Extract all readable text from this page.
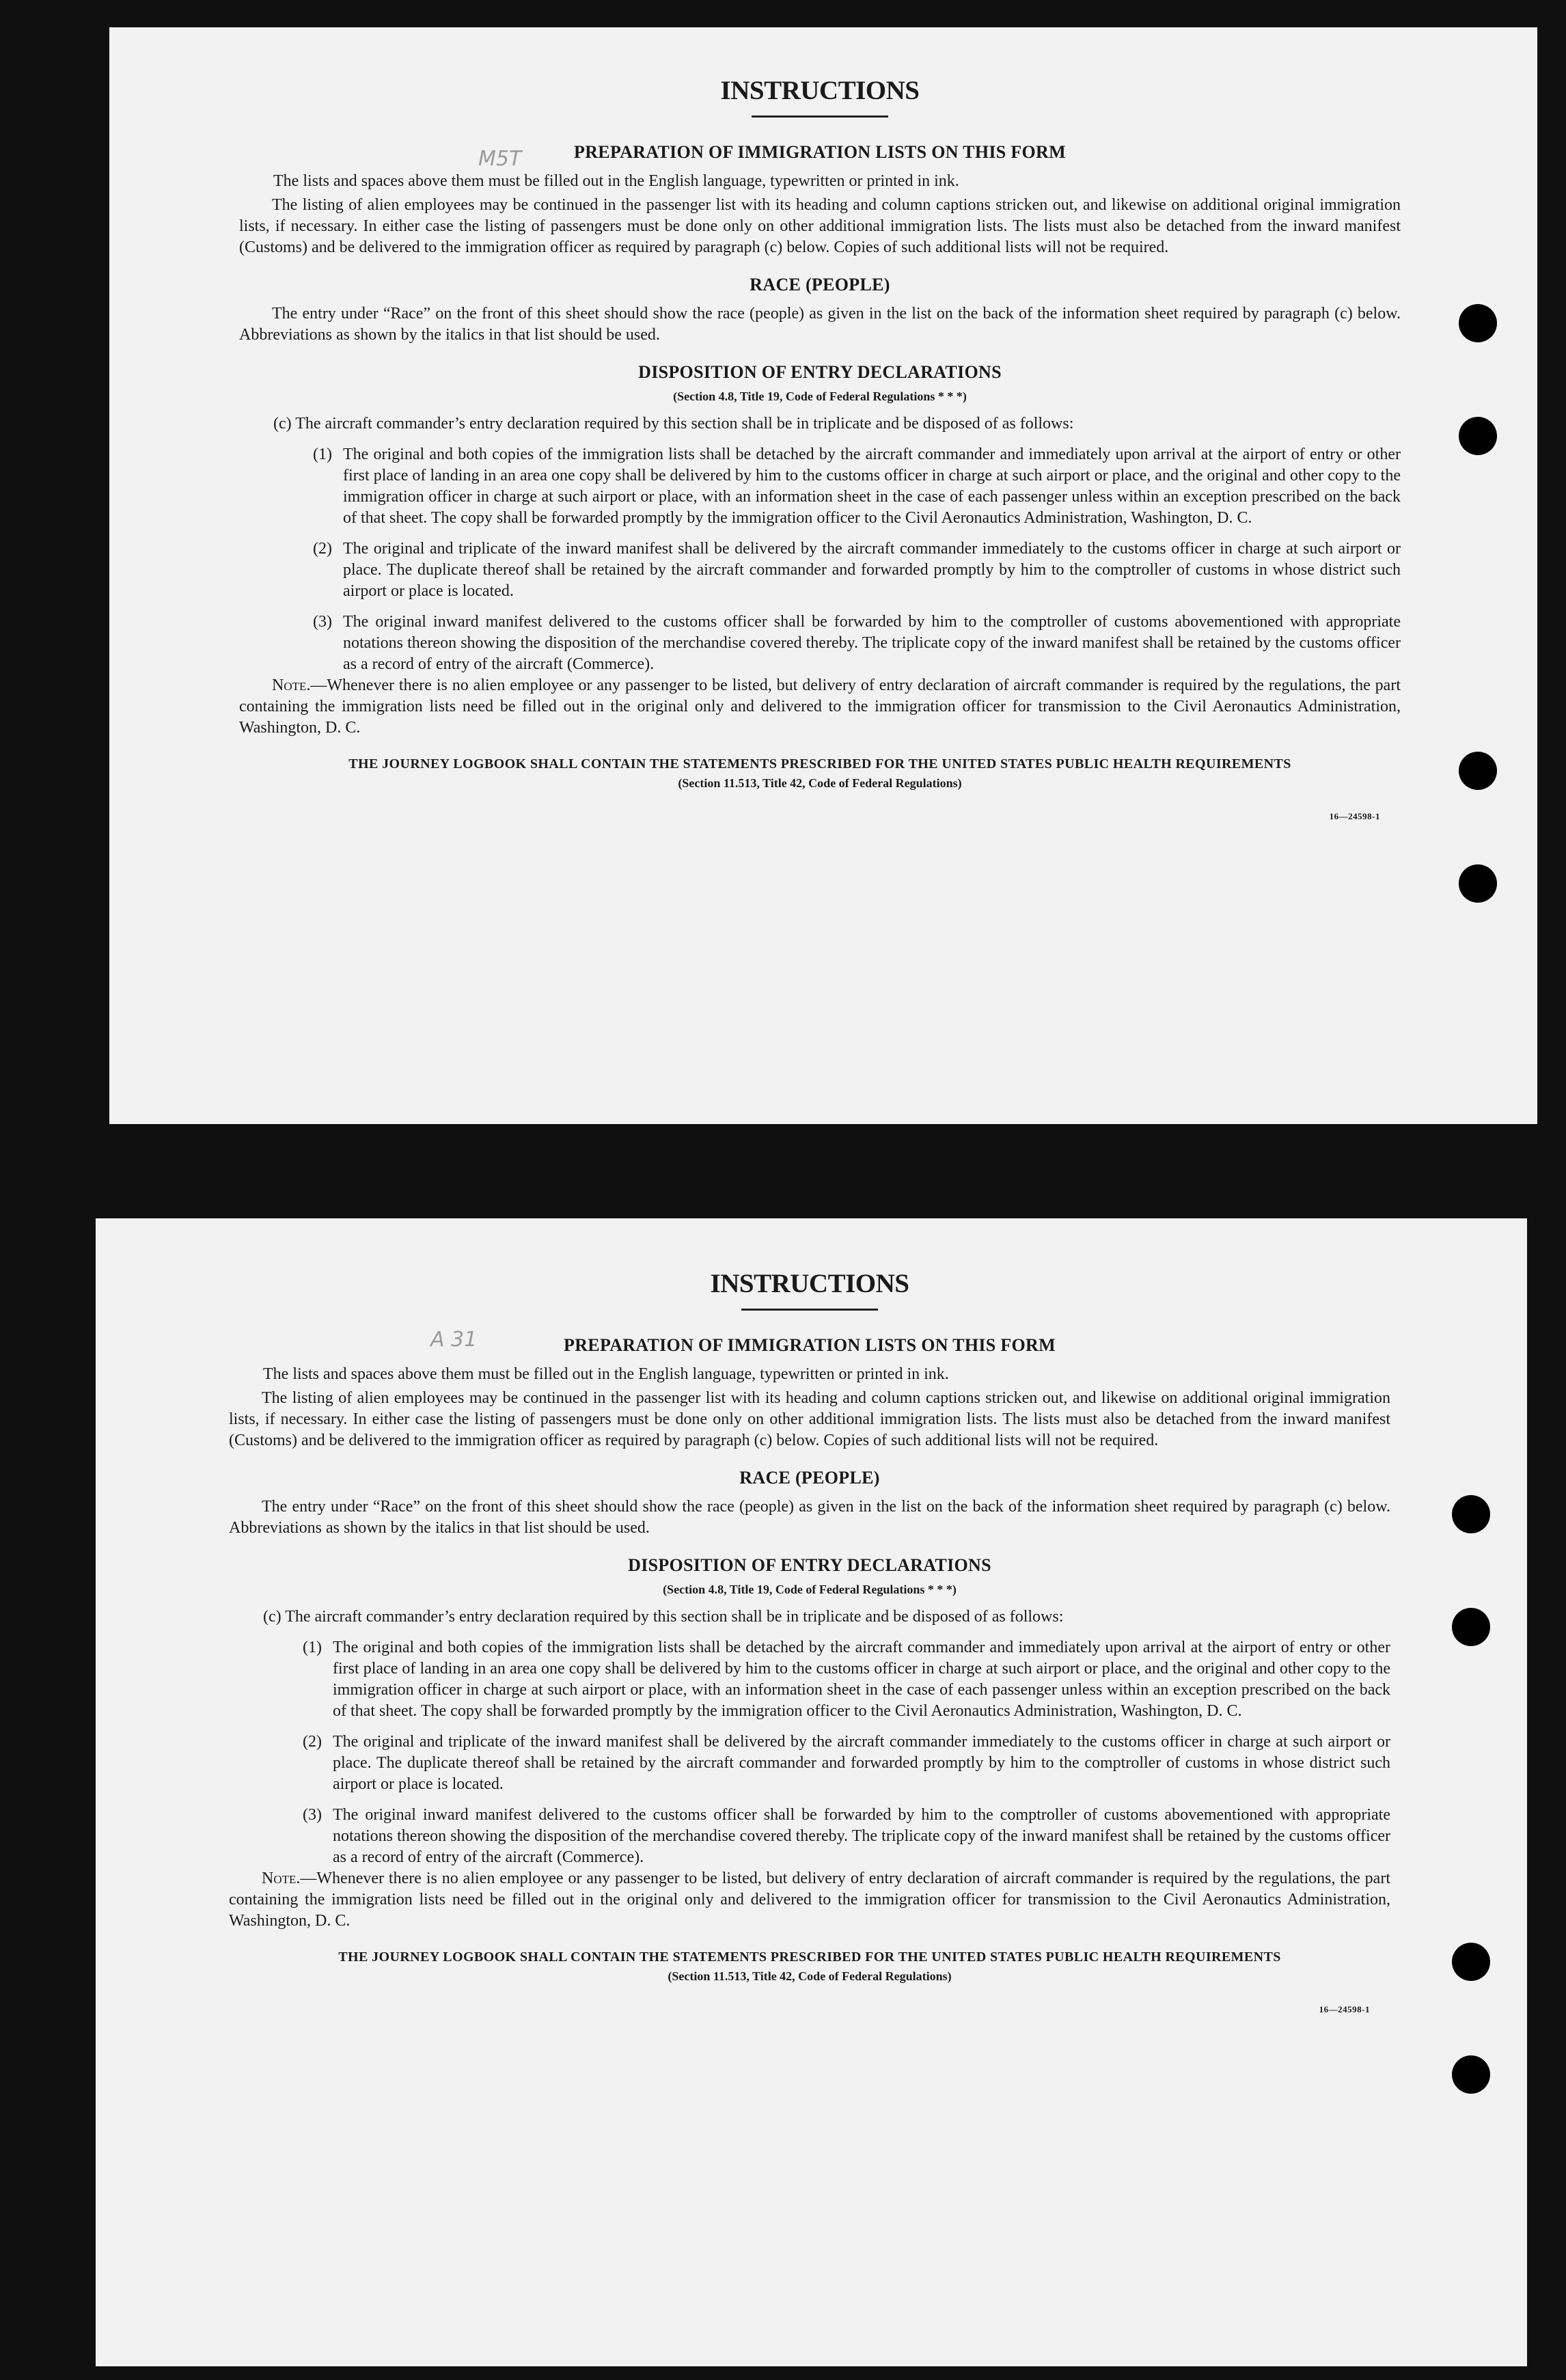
M5T
INSTRUCTIONS
PREPARATION OF IMMIGRATION LISTS ON THIS FORM

The lists and spaces above them must be filled out in the English language, typewritten or printed in ink.

The listing of alien employees may be continued in the passenger list with its heading and column captions stricken out, and likewise on additional original immigration lists, if necessary. In either case the listing of passengers must be done only on other additional immigration lists. The lists must also be detached from the inward manifest (Customs) and be delivered to the immigration officer as required by paragraph (c) below. Copies of such additional lists will not be required.

RACE (PEOPLE)

The entry under “Race” on the front of this sheet should show the race (people) as given in the list on the back of the information sheet required by paragraph (c) below. Abbreviations as shown by the italics in that list should be used.

DISPOSITION OF ENTRY DECLARATIONS
(Section 4.8, Title 19, Code of Federal Regulations * * *)

(c) The aircraft commander’s entry declaration required by this section shall be in triplicate and be disposed of as follows:

(1) The original and both copies of the immigration lists shall be detached by the aircraft commander and immediately upon arrival at the airport of entry or other first place of landing in an area one copy shall be delivered by him to the customs officer in charge at such airport or place, and the original and other copy to the immigration officer in charge at such airport or place, with an information sheet in the case of each passenger unless within an exception prescribed on the back of that sheet. The copy shall be forwarded promptly by the immigration officer to the Civil Aeronautics Administration, Washington, D. C.
(2) The original and triplicate of the inward manifest shall be delivered by the aircraft commander immediately to the customs officer in charge at such airport or place. The duplicate thereof shall be retained by the aircraft commander and forwarded promptly by him to the comptroller of customs in whose district such airport or place is located.
(3) The original inward manifest delivered to the customs officer shall be forwarded by him to the comptroller of customs abovementioned with appropriate notations thereon showing the disposition of the merchandise covered thereby. The triplicate copy of the inward manifest shall be retained by the customs officer as a record of entry of the aircraft (Commerce).

Note.—Whenever there is no alien employee or any passenger to be listed, but delivery of entry declaration of aircraft commander is required by the regulations, the part containing the immigration lists need be filled out in the original only and delivered to the immigration officer for transmission to the Civil Aeronautics Administration, Washington, D. C.

THE JOURNEY LOGBOOK SHALL CONTAIN THE STATEMENTS PRESCRIBED FOR THE UNITED STATES PUBLIC HEALTH REQUIREMENTS
(Section 11.513, Title 42, Code of Federal Regulations)
16—24598-1
A 31
INSTRUCTIONS
PREPARATION OF IMMIGRATION LISTS ON THIS FORM

The lists and spaces above them must be filled out in the English language, typewritten or printed in ink.

The listing of alien employees may be continued in the passenger list with its heading and column captions stricken out, and likewise on additional original immigration lists, if necessary. In either case the listing of passengers must be done only on other additional immigration lists. The lists must also be detached from the inward manifest (Customs) and be delivered to the immigration officer as required by paragraph (c) below. Copies of such additional lists will not be required.

RACE (PEOPLE)

The entry under “Race” on the front of this sheet should show the race (people) as given in the list on the back of the information sheet required by paragraph (c) below. Abbreviations as shown by the italics in that list should be used.

DISPOSITION OF ENTRY DECLARATIONS
(Section 4.8, Title 19, Code of Federal Regulations * * *)

(c) The aircraft commander’s entry declaration required by this section shall be in triplicate and be disposed of as follows:

(1) The original and both copies of the immigration lists shall be detached by the aircraft commander and immediately upon arrival at the airport of entry or other first place of landing in an area one copy shall be delivered by him to the customs officer in charge at such airport or place, and the original and other copy to the immigration officer in charge at such airport or place, with an information sheet in the case of each passenger unless within an exception prescribed on the back of that sheet. The copy shall be forwarded promptly by the immigration officer to the Civil Aeronautics Administration, Washington, D. C.
(2) The original and triplicate of the inward manifest shall be delivered by the aircraft commander immediately to the customs officer in charge at such airport or place. The duplicate thereof shall be retained by the aircraft commander and forwarded promptly by him to the comptroller of customs in whose district such airport or place is located.
(3) The original inward manifest delivered to the customs officer shall be forwarded by him to the comptroller of customs abovementioned with appropriate notations thereon showing the disposition of the merchandise covered thereby. The triplicate copy of the inward manifest shall be retained by the customs officer as a record of entry of the aircraft (Commerce).

Note.—Whenever there is no alien employee or any passenger to be listed, but delivery of entry declaration of aircraft commander is required by the regulations, the part containing the immigration lists need be filled out in the original only and delivered to the immigration officer for transmission to the Civil Aeronautics Administration, Washington, D. C.

THE JOURNEY LOGBOOK SHALL CONTAIN THE STATEMENTS PRESCRIBED FOR THE UNITED STATES PUBLIC HEALTH REQUIREMENTS
(Section 11.513, Title 42, Code of Federal Regulations)
16—24598-1
